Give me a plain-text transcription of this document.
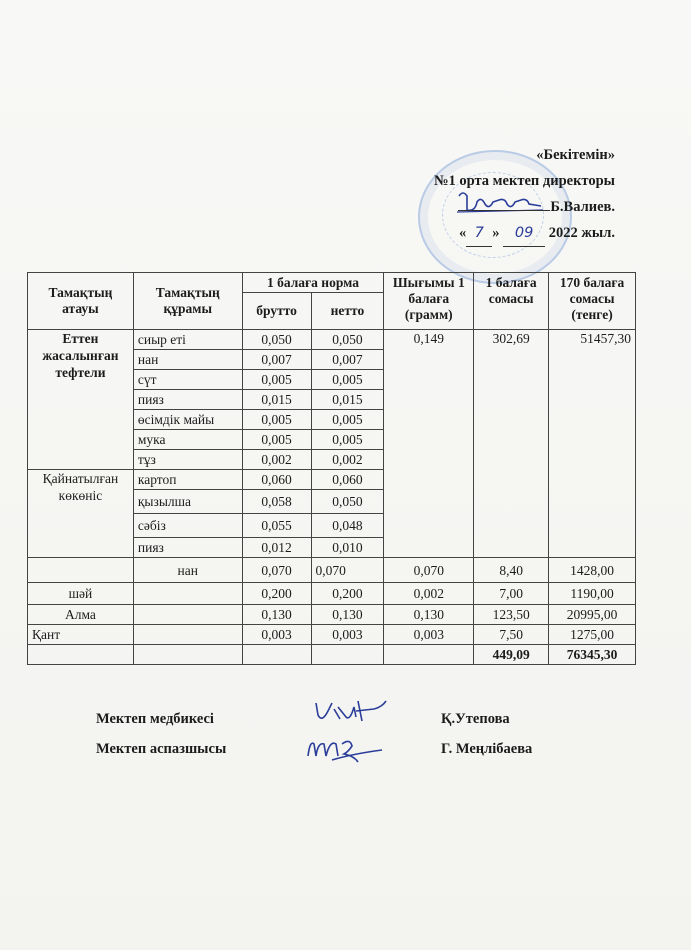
«Бекітемін»
№1 орта мектеп директоры
Б.Валиев.
« 7 » 09 2022 жыл.
Тамақтың атауы	Тамақтың құрамы	1 балаға норма		Шығымы 1 балаға (грамм)	1 балаға сомасы	170 балаға сомасы (тенге)
		брутто	нетто			
Еттен жасалынған тефтели	сиыр еті	0,050	0,050	0,149	302,69	51457,30
	нан	0,007	0,007			
	сүт	0,005	0,005			
	пияз	0,015	0,015			
	өсімдік майы	0,005	0,005			
	мука	0,005	0,005			
	тұз	0,002	0,002			
Қайнатылған көкөніс	картоп	0,060	0,060			
	қызылша	0,058	0,050			
	сәбіз	0,055	0,048			
	пияз	0,012	0,010			
	нан	0,070	0,070	0,070	8,40	1428,00
шәй		0,200	0,200	0,002	7,00	1190,00
Алма		0,130	0,130	0,130	123,50	20995,00
Қант		0,003	0,003	0,003	7,50	1275,00
					449,09	76345,30
Мектеп медбикесі	Қ.Утепова
Мектеп аспазшысы	Г. Меңлібаева
